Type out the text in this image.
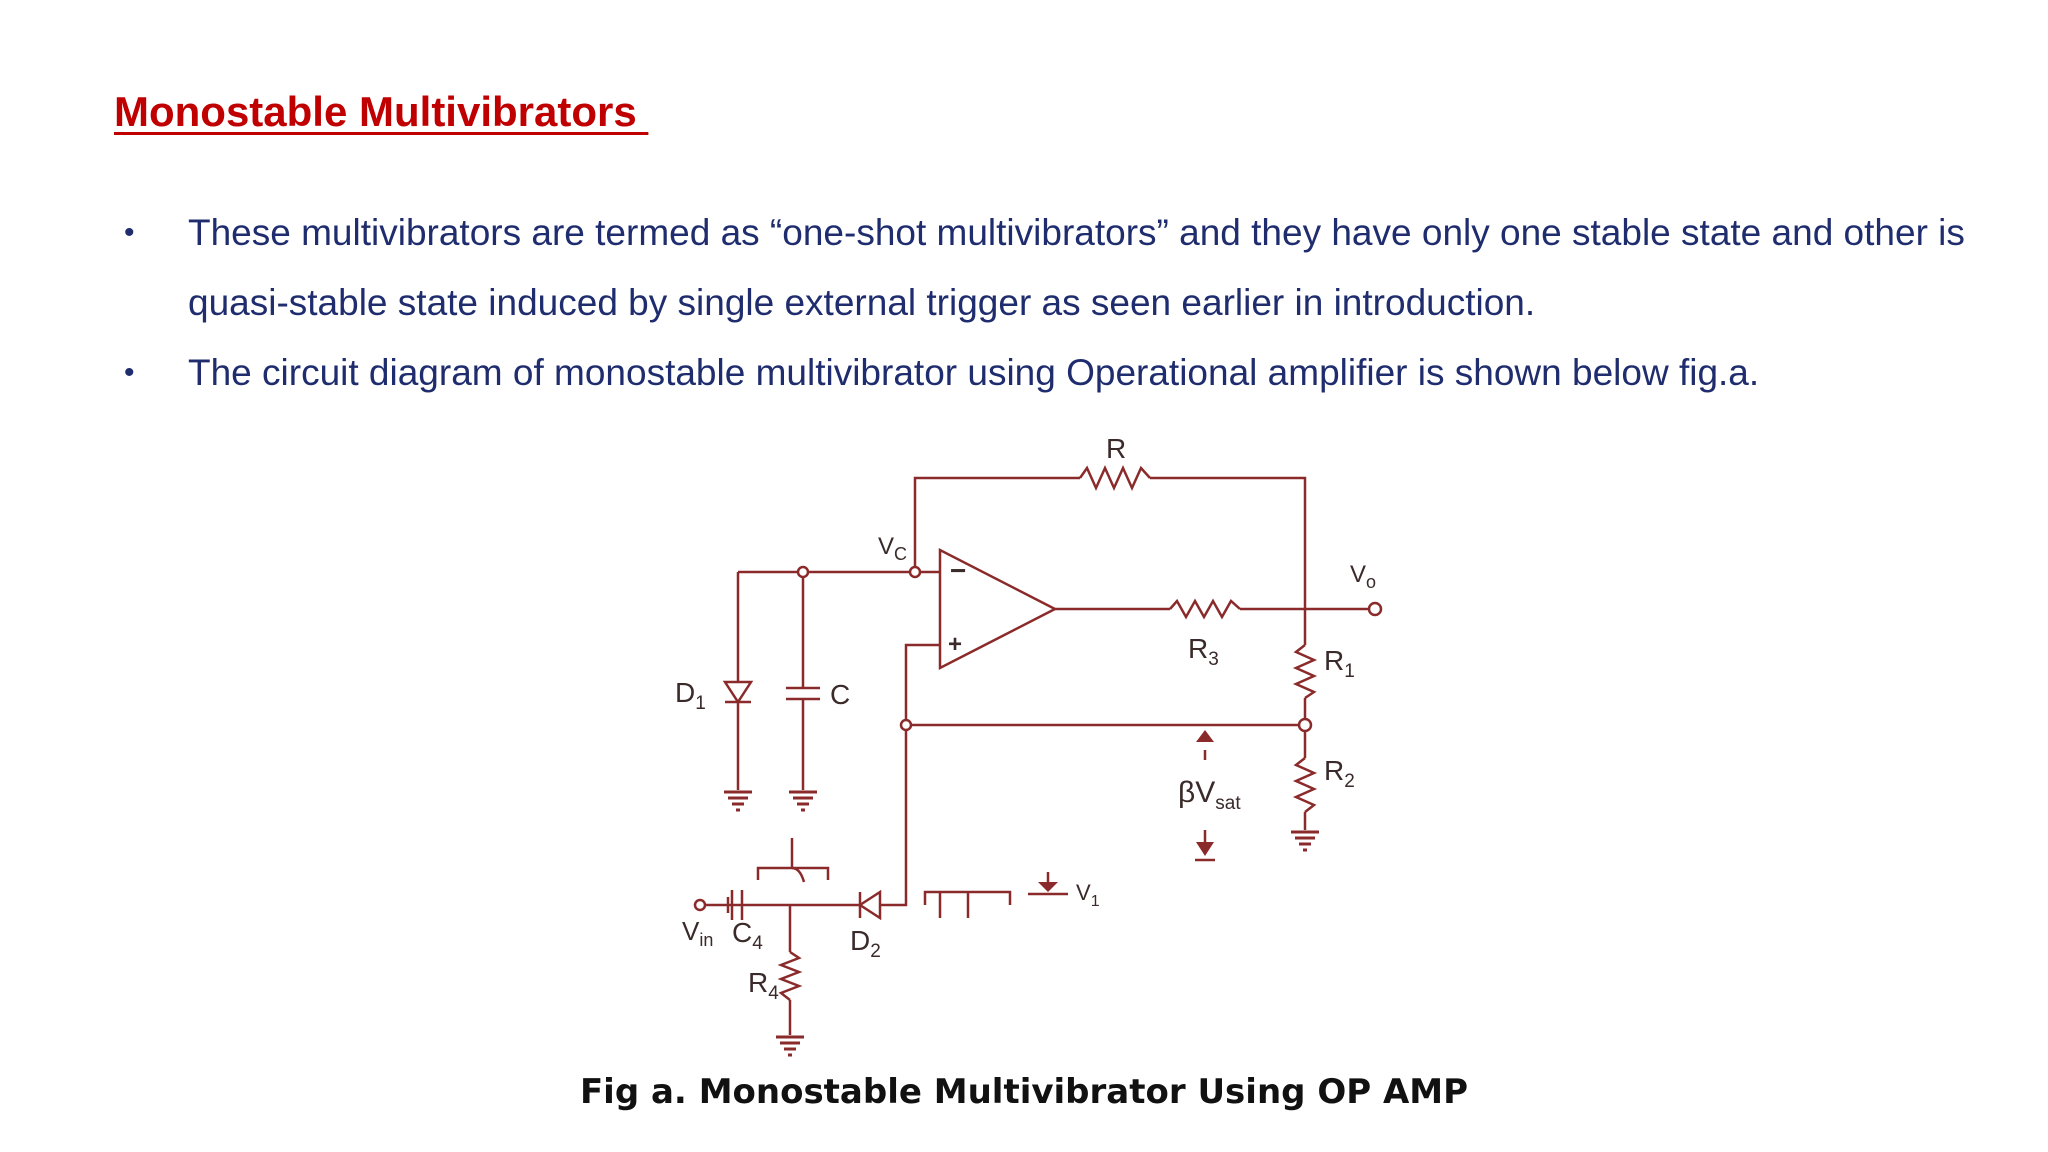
Monostable Multivibrators
• These multivibrators are termed as “one-shot multivibrators” and they have only one stable state and other is quasi-stable state induced by single external trigger as seen earlier in introduction.
• The circuit diagram of monostable multivibrator using Operational amplifier is shown below fig.a.
−
+
R
$V_C$
$V_o$
$R_3$	$R_1$
$R_2$
$D_1$	C
$\beta V_{sat}$
$V_{in}$ $C_4$
$R_4$
$D_2$
$V_1$
Fig a. Monostable Multivibrator Using OP AMP
